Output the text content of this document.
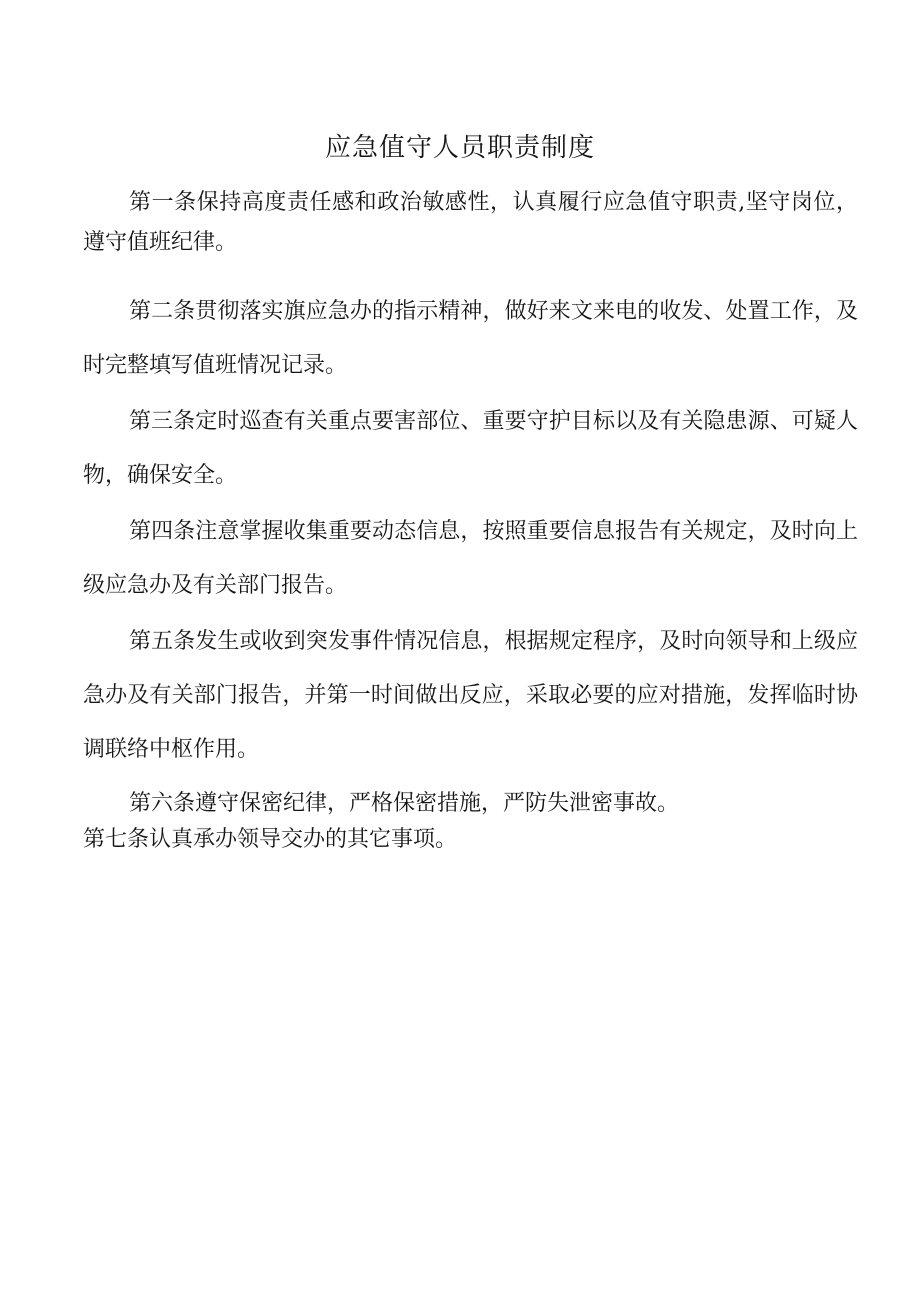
应急值守人员职责制度

第一条保持高度责任感和政治敏感性，认真履行应急值守职责,坚守岗位，遵守值班纪律。

第二条贯彻落实旗应急办的指示精神，做好来文来电的收发、处置工作，及时完整填写值班情况记录。

第三条定时巡查有关重点要害部位、重要守护目标以及有关隐患源、可疑人物，确保安全。

第四条注意掌握收集重要动态信息，按照重要信息报告有关规定，及时向上级应急办及有关部门报告。

第五条发生或收到突发事件情况信息，根据规定程序，及时向领导和上级应急办及有关部门报告，并第一时间做出反应，采取必要的应对措施，发挥临时协调联络中枢作用。

第六条遵守保密纪律，严格保密措施，严防失泄密事故。

第七条认真承办领导交办的其它事项。
